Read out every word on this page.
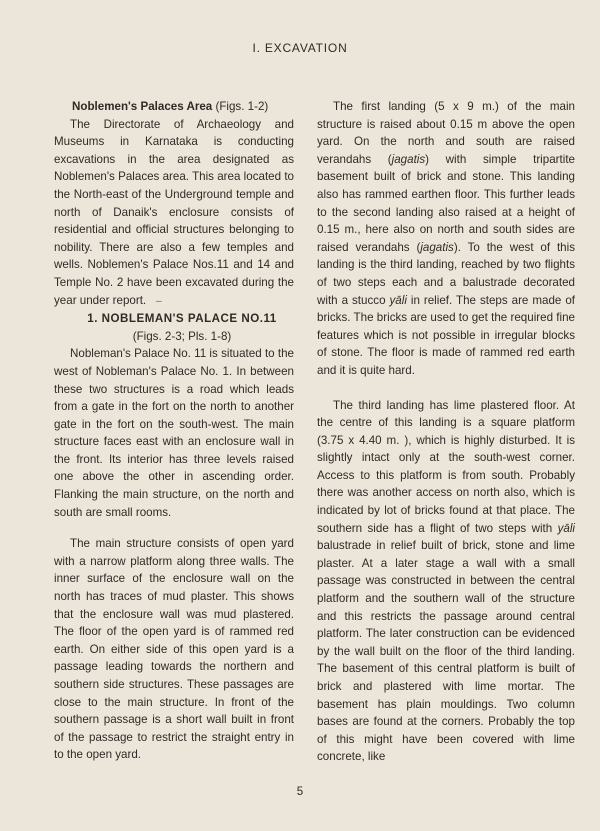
I. EXCAVATION

Noblemen's Palaces Area (Figs. 1-2)

The Directorate of Archaeology and Museums in Karnataka is conducting excavations in the area designated as Noblemen's Palaces area. This area located to the North-east of the Underground temple and north of Danaik's enclosure consists of residential and official structures belonging to nobility. There are also a few temples and wells. Noblemen's Palace Nos.11 and 14 and Temple No. 2 have been excavated during the year under report. –

1. NOBLEMAN'S PALACE NO.11

(Figs. 2-3; Pls. 1-8)

Nobleman's Palace No. 11 is situated to the west of Nobleman's Palace No. 1. In between these two structures is a road which leads from a gate in the fort on the north to another gate in the fort on the south-west. The main structure faces east with an enclosure wall in the front. Its interior has three levels raised one above the other in ascending order. Flanking the main structure, on the north and south are small rooms.

The main structure consists of open yard with a narrow platform along three walls. The inner surface of the enclosure wall on the north has traces of mud plaster. This shows that the enclosure wall was mud plastered. The floor of the open yard is of rammed red earth. On either side of this open yard is a passage leading towards the northern and southern side structures. These passages are close to the main structure. In front of the southern passage is a short wall built in front of the passage to restrict the straight entry in to the open yard.

The first landing (5 x 9 m.) of the main structure is raised about 0.15 m above the open yard. On the north and south are raised verandahs (jagatis) with simple tripartite basement built of brick and stone. This landing also has rammed earthen floor. This further leads to the second landing also raised at a height of 0.15 m., here also on north and south sides are raised verandahs (jagatis). To the west of this landing is the third landing, reached by two flights of two steps each and a balustrade decorated with a stucco yāli in relief. The steps are made of bricks. The bricks are used to get the required fine features which is not possible in irregular blocks of stone. The floor is made of rammed red earth and it is quite hard.

The third landing has lime plastered floor. At the centre of this landing is a square platform (3.75 x 4.40 m. ), which is highly disturbed. It is slightly intact only at the south-west corner. Access to this platform is from south. Probably there was another access on north also, which is indicated by lot of bricks found at that place. The southern side has a flight of two steps with yāli balustrade in relief built of brick, stone and lime plaster. At a later stage a wall with a small passage was constructed in between the central platform and the southern wall of the structure and this restricts the passage around central platform. The later construction can be evidenced by the wall built on the floor of the third landing. The basement of this central platform is built of brick and plastered with lime mortar. The basement has plain mouldings. Two column bases are found at the corners. Probably the top of this might have been covered with lime concrete, like

5
